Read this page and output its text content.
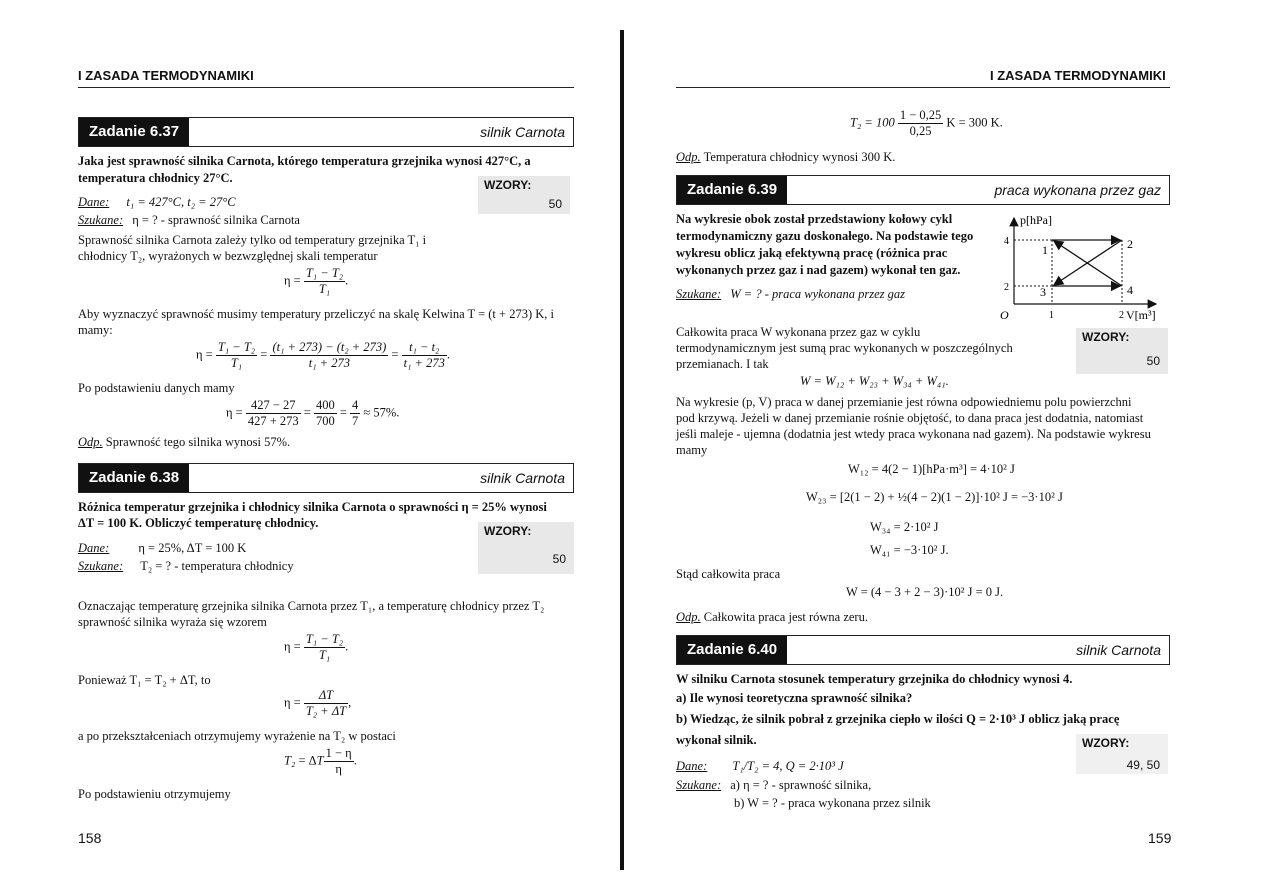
I ZASADA TERMODYNAMIKI
Zadanie 6.37	silnik Carnota
Jaka jest sprawność silnika Carnota, którego temperatura grzejnika wynosi 427°C, a
temperatura chłodnicy 27°C.	WZORY:
50
Dane: t₁ = 427°C, t₂ = 27°C
Szukane: η = ? - sprawność silnika Carnota
Sprawność silnika Carnota zależy tylko od temperatury grzejnika T₁ i
chłodnicy T₂, wyrażonych w bezwzględnej skali temperatur
$\eta = \frac{\text{T₁ − T₂}}{\text{T₁}}$ .
Aby wyznaczyć sprawność musimy temperatury przeliczyć na skalę Kelwina T = (t + 273) K, i
mamy:
$\eta = \frac{\text{T₁ − T₂}}{\text{T₁}} = \frac{\text{(t₁ + 273) − (t₂ + 273)}}{\text{t₁ + 273}} = \frac{\text{t₁ − t₂}}{\text{t₁ + 273}}$ .
Po podstawieniu danych mamy
$\eta = \frac{427 - 27}{427 + 273} = \frac{400}{700} = \frac{4}{7} \approx 57\%$.
Odp. Sprawność tego silnika wynosi 57%.
Zadanie 6.38	silnik Carnota
Różnica temperatur grzejnika i chłodnicy silnika Carnota o sprawności η = 25% wynosi
ΔT = 100 K. Obliczyć temperaturę chłodnicy.
WZORY:
50
Dane: η = 25%, ΔT = 100 K
Szukane: T₂ = ? - temperatura chłodnicy
Oznaczając temperaturę grzejnika silnika Carnota przez T₁, a temperaturę chłodnicy przez T₂
sprawność silnika wyraża się wzorem
$\eta = \frac{\text{T₁ − T₂}}{\text{T₁}}$ .
Ponieważ T₁ = T₂ + ΔT, to
$\eta = \frac{\Delta T}{\text{T₂ + ΔT}}$ ,
a po przekształceniach otrzymujemy wyrażenie na T₂ w postaci
T₂ = ΔT $\frac{1 - \eta}{\eta}$ .
Po podstawieniu otrzymujemy
158
I ZASADA TERMODYNAMIKI
$T_2 = 100 \frac{1 - 0,25}{0,25}$ K = 300 K.
Odp. Temperatura chłodnicy wynosi 300 K.
Zadanie 6.39	praca wykonana przez gaz
Na wykresie obok został przedstawiony kołowy cykl
termodynamiczny gazu doskonałego. Na podstawie tego
wykresu oblicz jaką efektywną pracę (różnica prac
wykonanych przez gaz i nad gazem) wykonał ten gaz.
Szukane: W = ? - praca wykonana przez gaz
p[hPa]
V[m³]
O
4
2
1	2
1	2
3	4
WZORY:
50
Całkowita praca W wykonana przez gaz w cyklu
termodynamicznym jest sumą prac wykonanych w poszczególnych
przemianach. I tak
W = W₁₂ + W₂₃ + W₃₄ + W₄₁.
Na wykresie (p, V) praca w danej przemianie jest równa odpowiedniemu polu powierzchni
pod krzywą. Jeżeli w danej przemianie rośnie objętość, to dana praca jest dodatnia, natomiast
jeśli maleje - ujemna (dodatnia jest wtedy praca wykonana nad gazem). Na podstawie wykresu
mamy
W₁₂ = 4(2 − 1)[hPa·m³] = 4·10² J
W₂₃ = [2(1 − 2) + ½(4 − 2)(1 − 2)]·10² J = −3·10² J
W₃₄ = 2·10² J
W₄₁ = −3·10² J.
Stąd całkowita praca
W = (4 − 3 + 2 − 3)·10² J = 0 J.
Odp. Całkowita praca jest równa zeru.
Zadanie 6.40	silnik Carnota
W silniku Carnota stosunek temperatury grzejnika do chłodnicy wynosi 4.
a) Ile wynosi teoretyczna sprawność silnika?
b) Wiedząc, że silnik pobrał z grzejnika ciepło w ilości Q = 2·10³ J oblicz jaką pracę
wykonał silnik.	WZORY:
49, 50
Dane: T₁/T₂ = 4, Q = 2·10³ J
Szukane: a) η = ? - sprawność silnika,
b) W = ? - praca wykonana przez silnik
159
